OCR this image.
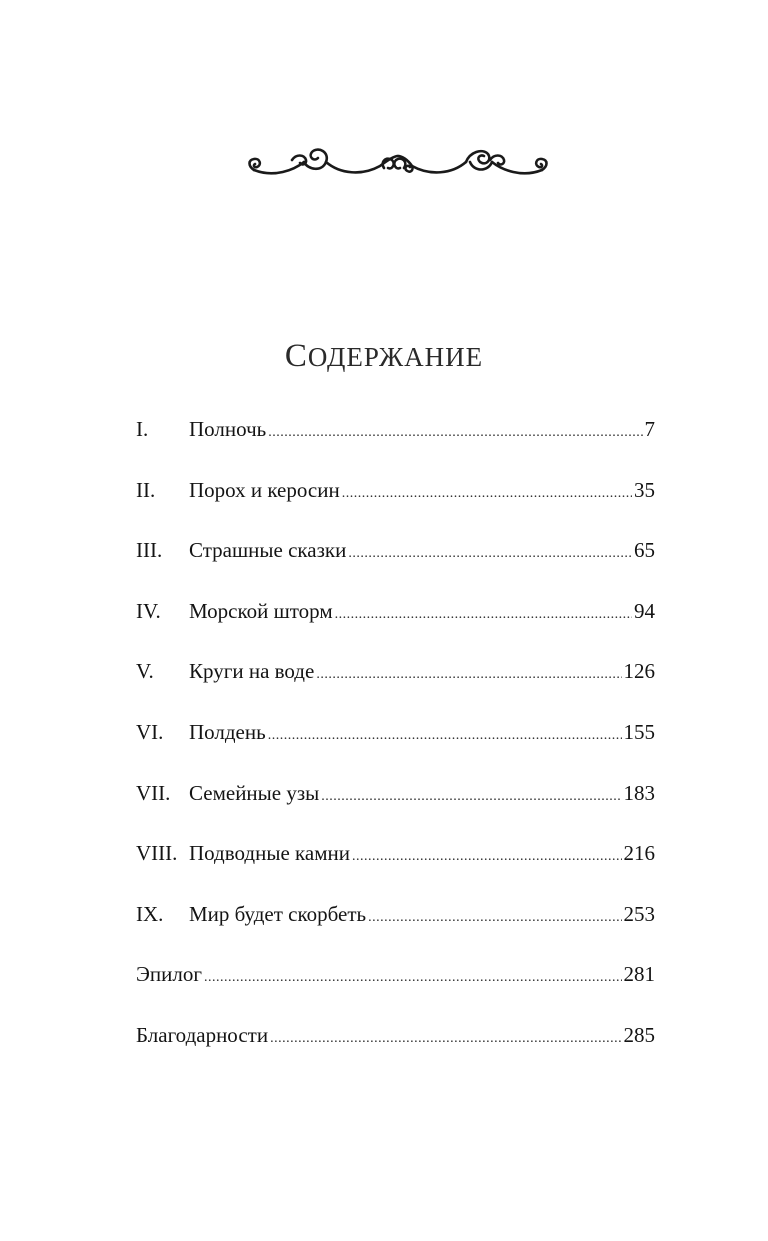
СОДЕРЖАНИЕ
I.	Полночь .....	7
II.	Порох и керосин .....	35
III.	Страшные сказки .....	65
IV.	Морской шторм .....	94
V.	Круги на воде .....	126
VI.	Полдень .....	155
VII. Семейные узы .....	183
VIII. Подводные камни .....	216
IX.	Мир будет скорбеть .....	253
Эпилог .....	281
Благодарности .....	285
